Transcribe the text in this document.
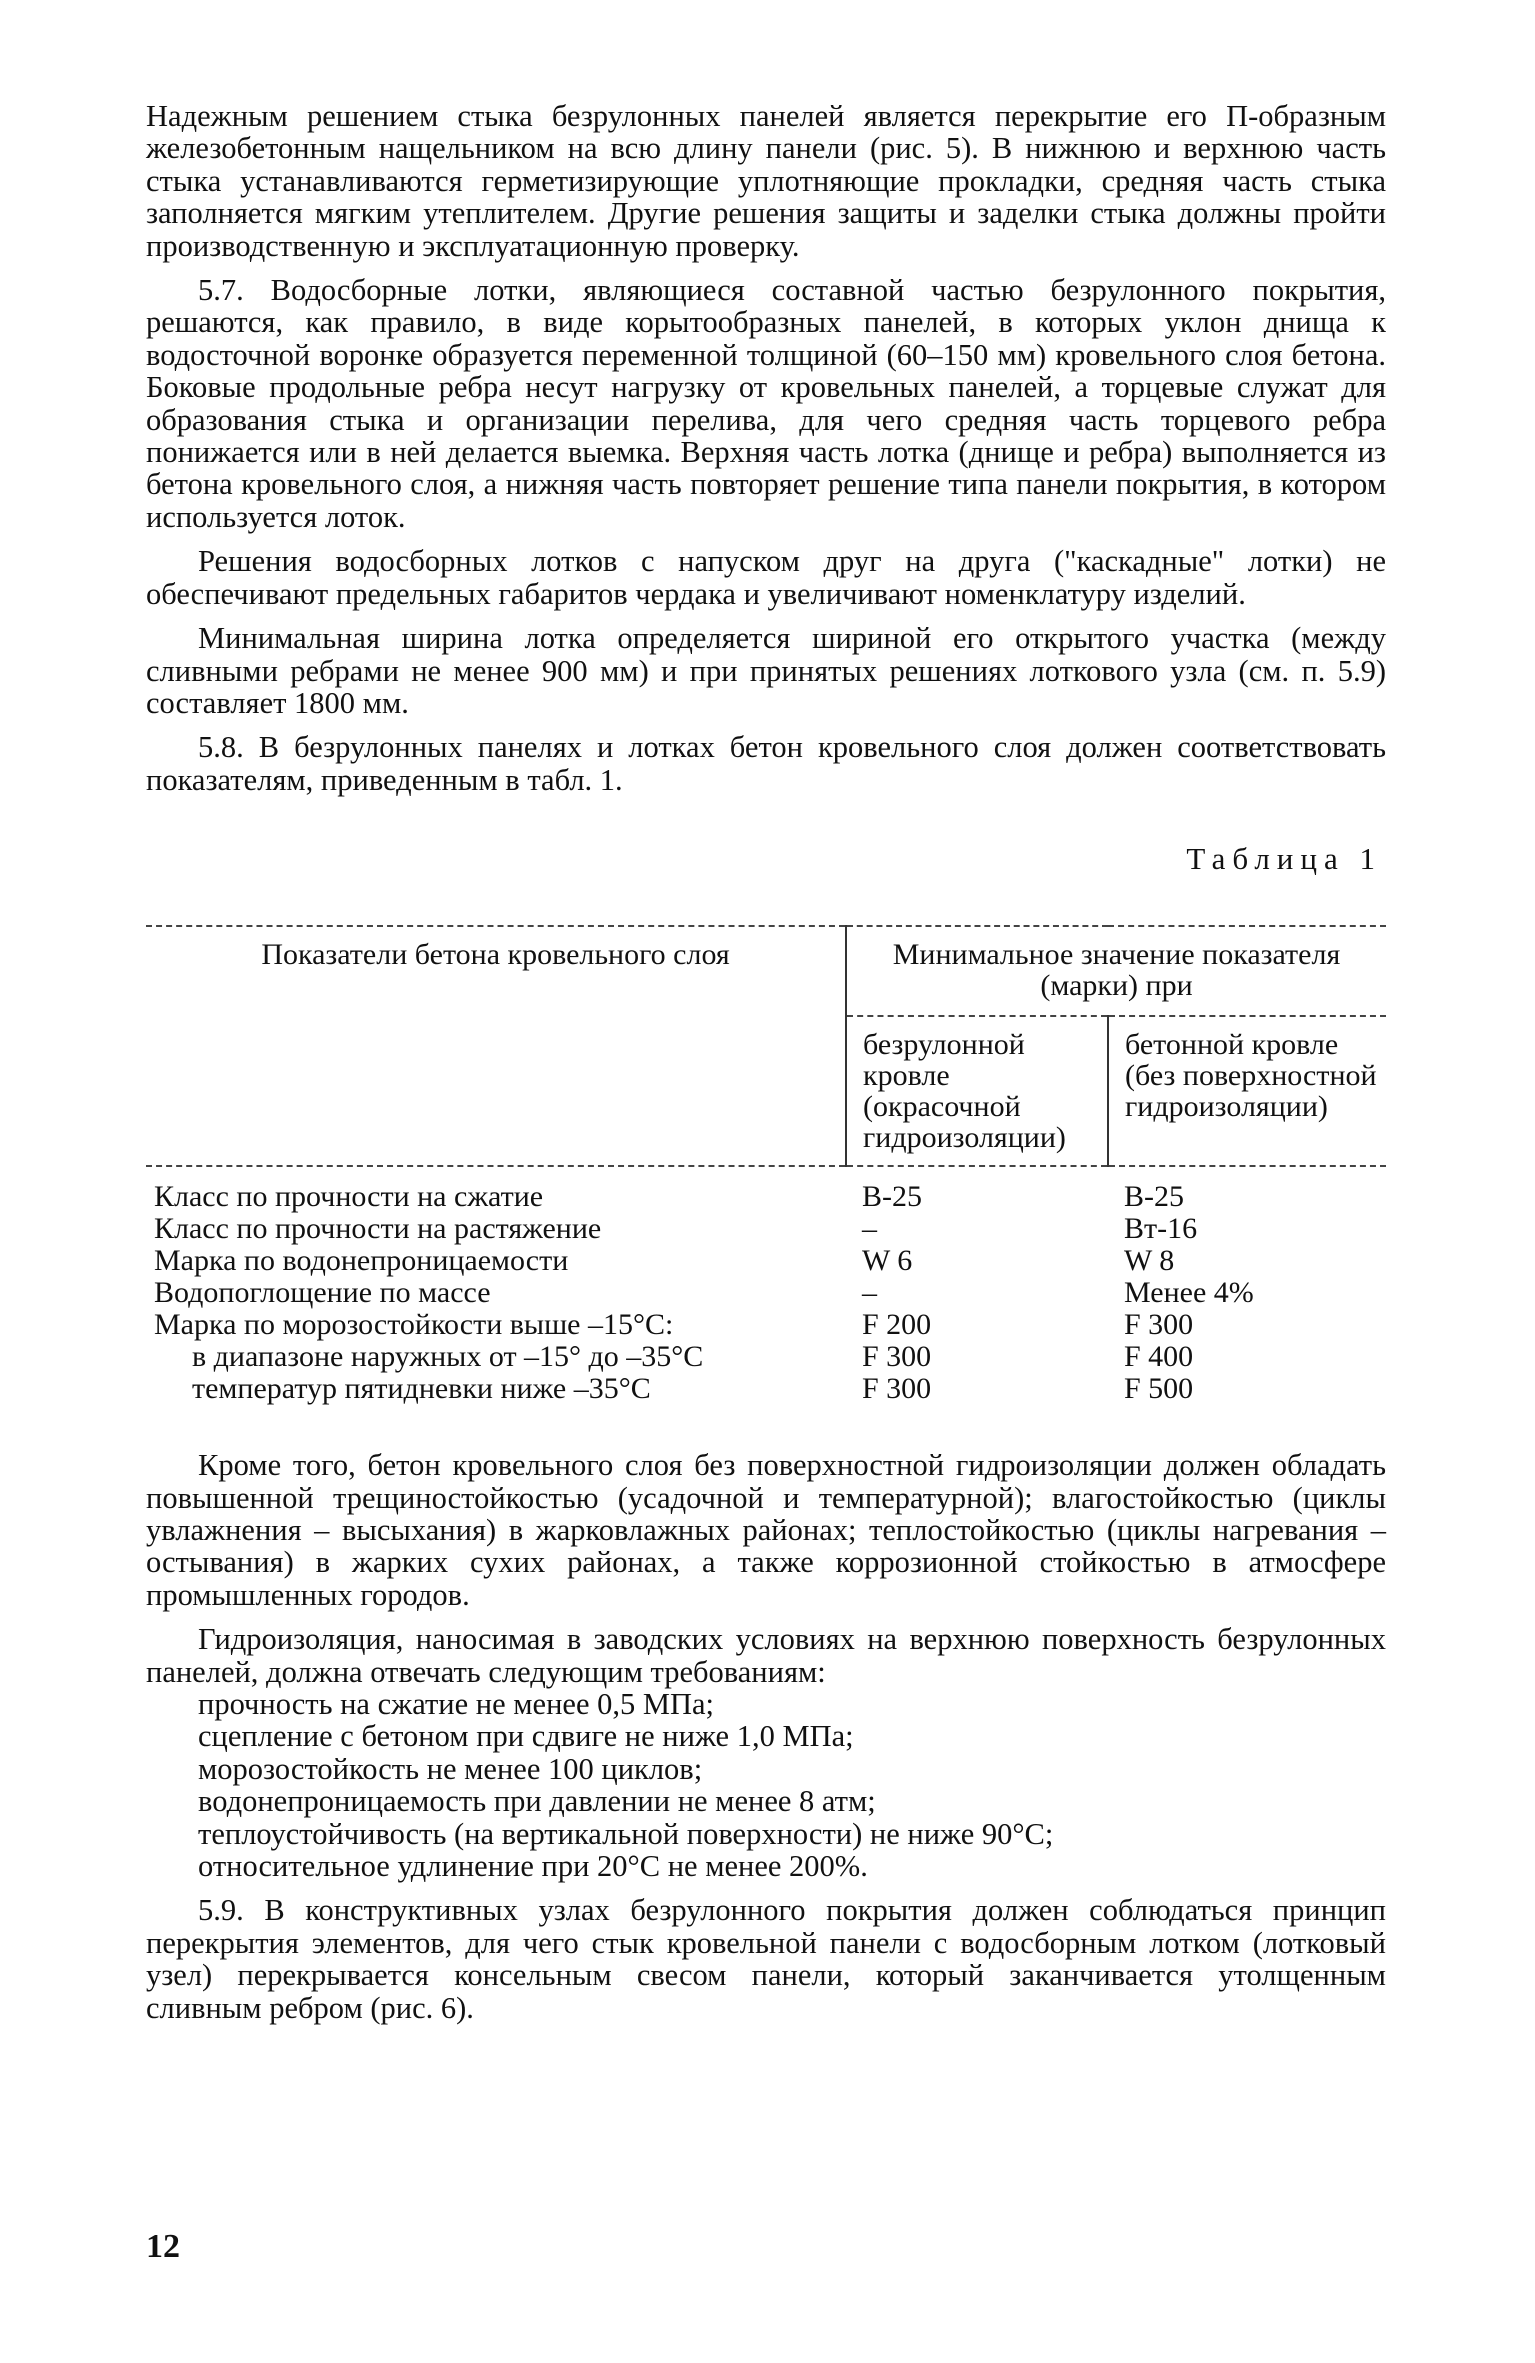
Надежным решением стыка безрулонных панелей является перекрытие его П-образным железобетонным нащельником на всю длину панели (рис. 5). В нижнюю и верхнюю часть стыка устанавливаются герметизирующие уплотняющие прокладки, средняя часть стыка заполняется мягким утеплителем. Другие решения защиты и заделки стыка должны пройти производственную и эксплуатационную проверку.

5.7. Водосборные лотки, являющиеся составной частью безрулонного покрытия, решаются, как правило, в виде корытообразных панелей, в которых уклон днища к водосточной воронке образуется переменной толщиной (60–150 мм) кровельного слоя бетона. Боковые продольные ребра несут нагрузку от кровельных панелей, а торцевые служат для образования стыка и организации перелива, для чего средняя часть торцевого ребра понижается или в ней делается выемка. Верхняя часть лотка (днище и ребра) выполняется из бетона кровельного слоя, а нижняя часть повторяет решение типа панели покрытия, в котором используется лоток.

Решения водосборных лотков с напуском друг на друга ("каскадные" лотки) не обеспечивают предельных габаритов чердака и увеличивают номенклатуру изделий.

Минимальная ширина лотка определяется шириной его открытого участка (между сливными ребрами не менее 900 мм) и при принятых решениях лоткового узла (см. п. 5.9) составляет 1800 мм.

5.8. В безрулонных панелях и лотках бетон кровельного слоя должен соответствовать показателям, приведенным в табл. 1.

Таблица 1
Показатели бетона кровельного слоя	Минимальное значение показателя (марки) при	
	безрулонной кровле (окрасочной гидроизоляции)	бетонной кровле (без поверхностной гидроизоляции)

Класс по прочности на сжатие	В-25	В-25
Класс по прочности на растяжение	–	Вт-16
Марка по водонепроницаемости	W 6	W 8
Водопоглощение по массе	–	Менее 4%
Марка по морозостойкости выше –15°С:	F 200	F 300
в диапазоне наружных от –15° до –35°С	F 300	F 400
температур пятидневки ниже –35°С	F 300	F 500

Кроме того, бетон кровельного слоя без поверхностной гидроизоляции должен обладать повышенной трещиностойкостью (усадочной и температурной); влагостойкостью (циклы увлажнения – высыхания) в жарковлажных районах; теплостойкостью (циклы нагревания – остывания) в жарких сухих районах, а также коррозионной стойкостью в атмосфере промышленных городов.

Гидроизоляция, наносимая в заводских условиях на верхнюю поверхность безрулонных панелей, должна отвечать следующим требованиям:

прочность на сжатие не менее 0,5 МПа;

сцепление с бетоном при сдвиге не ниже 1,0 МПа;

морозостойкость не менее 100 циклов;

водонепроницаемость при давлении не менее 8 атм;

теплоустойчивость (на вертикальной поверхности) не ниже 90°С;

относительное удлинение при 20°С не менее 200%.

5.9. В конструктивных узлах безрулонного покрытия должен соблюдаться принцип перекрытия элементов, для чего стык кровельной панели с водосборным лотком (лотковый узел) перекрывается консельным свесом панели, который заканчивается утолщенным сливным ребром (рис. 6).

12
